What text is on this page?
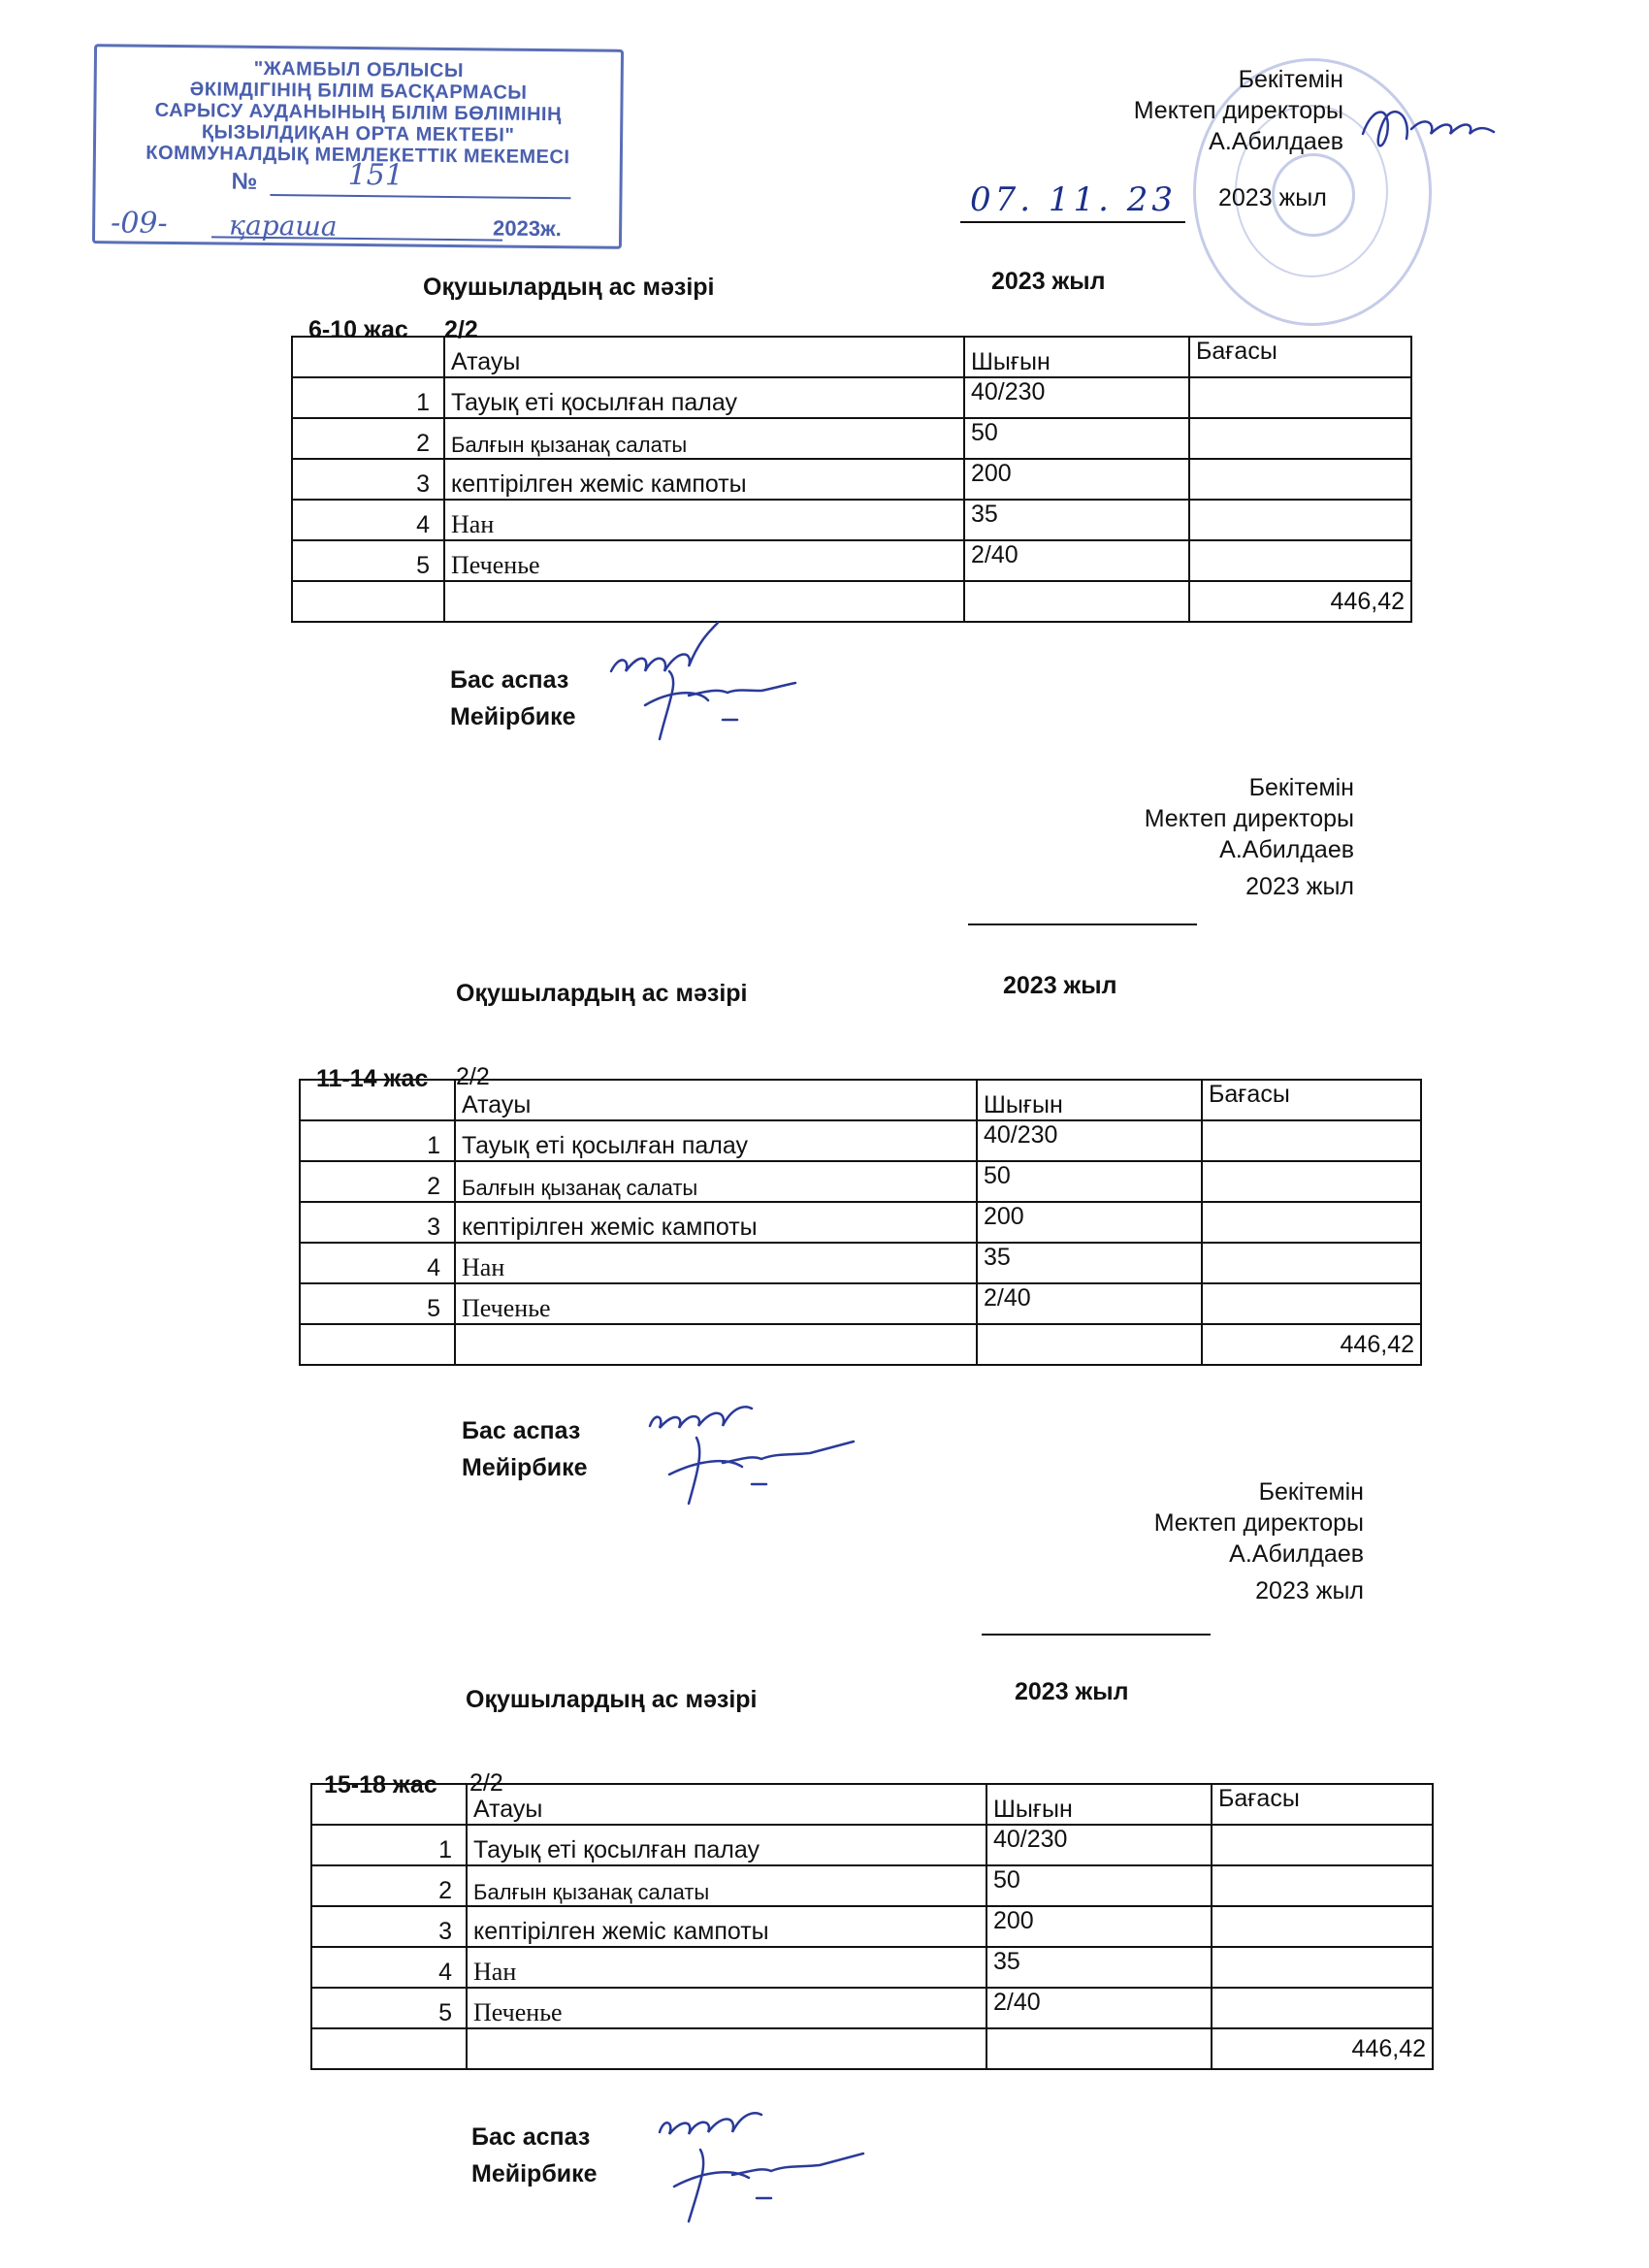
"ЖАМБЫЛ ОБЛЫСЫ
ӘКІМДІГІНІҢ БІЛІМ БАСҚАРМАСЫ
САРЫСУ АУДАНЫНЫҢ БІЛІМ БӨЛІМІНІҢ
ҚЫЗЫЛДИҚАН ОРТА МЕКТЕБІ"
КОММУНАЛДЫҚ МЕМЛЕКЕТТІК МЕКЕМЕСІ
№	151
-09- қараша	2023ж.
Бекітемін
Мектеп директоры
А.Абилдаев
2023 жыл
07. 11. 23
Оқушылардың ас мәзірі	2023 жыл
6-10 жас 2/2
	Атауы	Шығын	Бағасы
1	Тауық еті қосылған палау	40/230	
2	Балғын қызанақ салаты	50	
3	кептірілген жеміс кампоты	200	
4	Нан	35	
5	Печенье	2/40	
			446,42
Бас аспаз
Мейірбике
Бекітемін
Мектеп директоры
А.Абилдаев
2023 жыл
Оқушылардың ас мәзірі	2023 жыл
11-14 жас 2/2
	Атауы	Шығын	Бағасы
1	Тауық еті қосылған палау	40/230	
2	Балғын қызанақ салаты	50	
3	кептірілген жеміс кампоты	200	
4	Нан	35	
5	Печенье	2/40	
			446,42
Бас аспаз
Мейірбике
Бекітемін
Мектеп директоры
А.Абилдаев
2023 жыл
Оқушылардың ас мәзірі	2023 жыл
15-18 жас 2/2
	Атауы	Шығын	Бағасы
1	Тауық еті қосылған палау	40/230	
2	Балғын қызанақ салаты	50	
3	кептірілген жеміс кампоты	200	
4	Нан	35	
5	Печенье	2/40	
			446,42
Бас аспаз
Мейірбике
